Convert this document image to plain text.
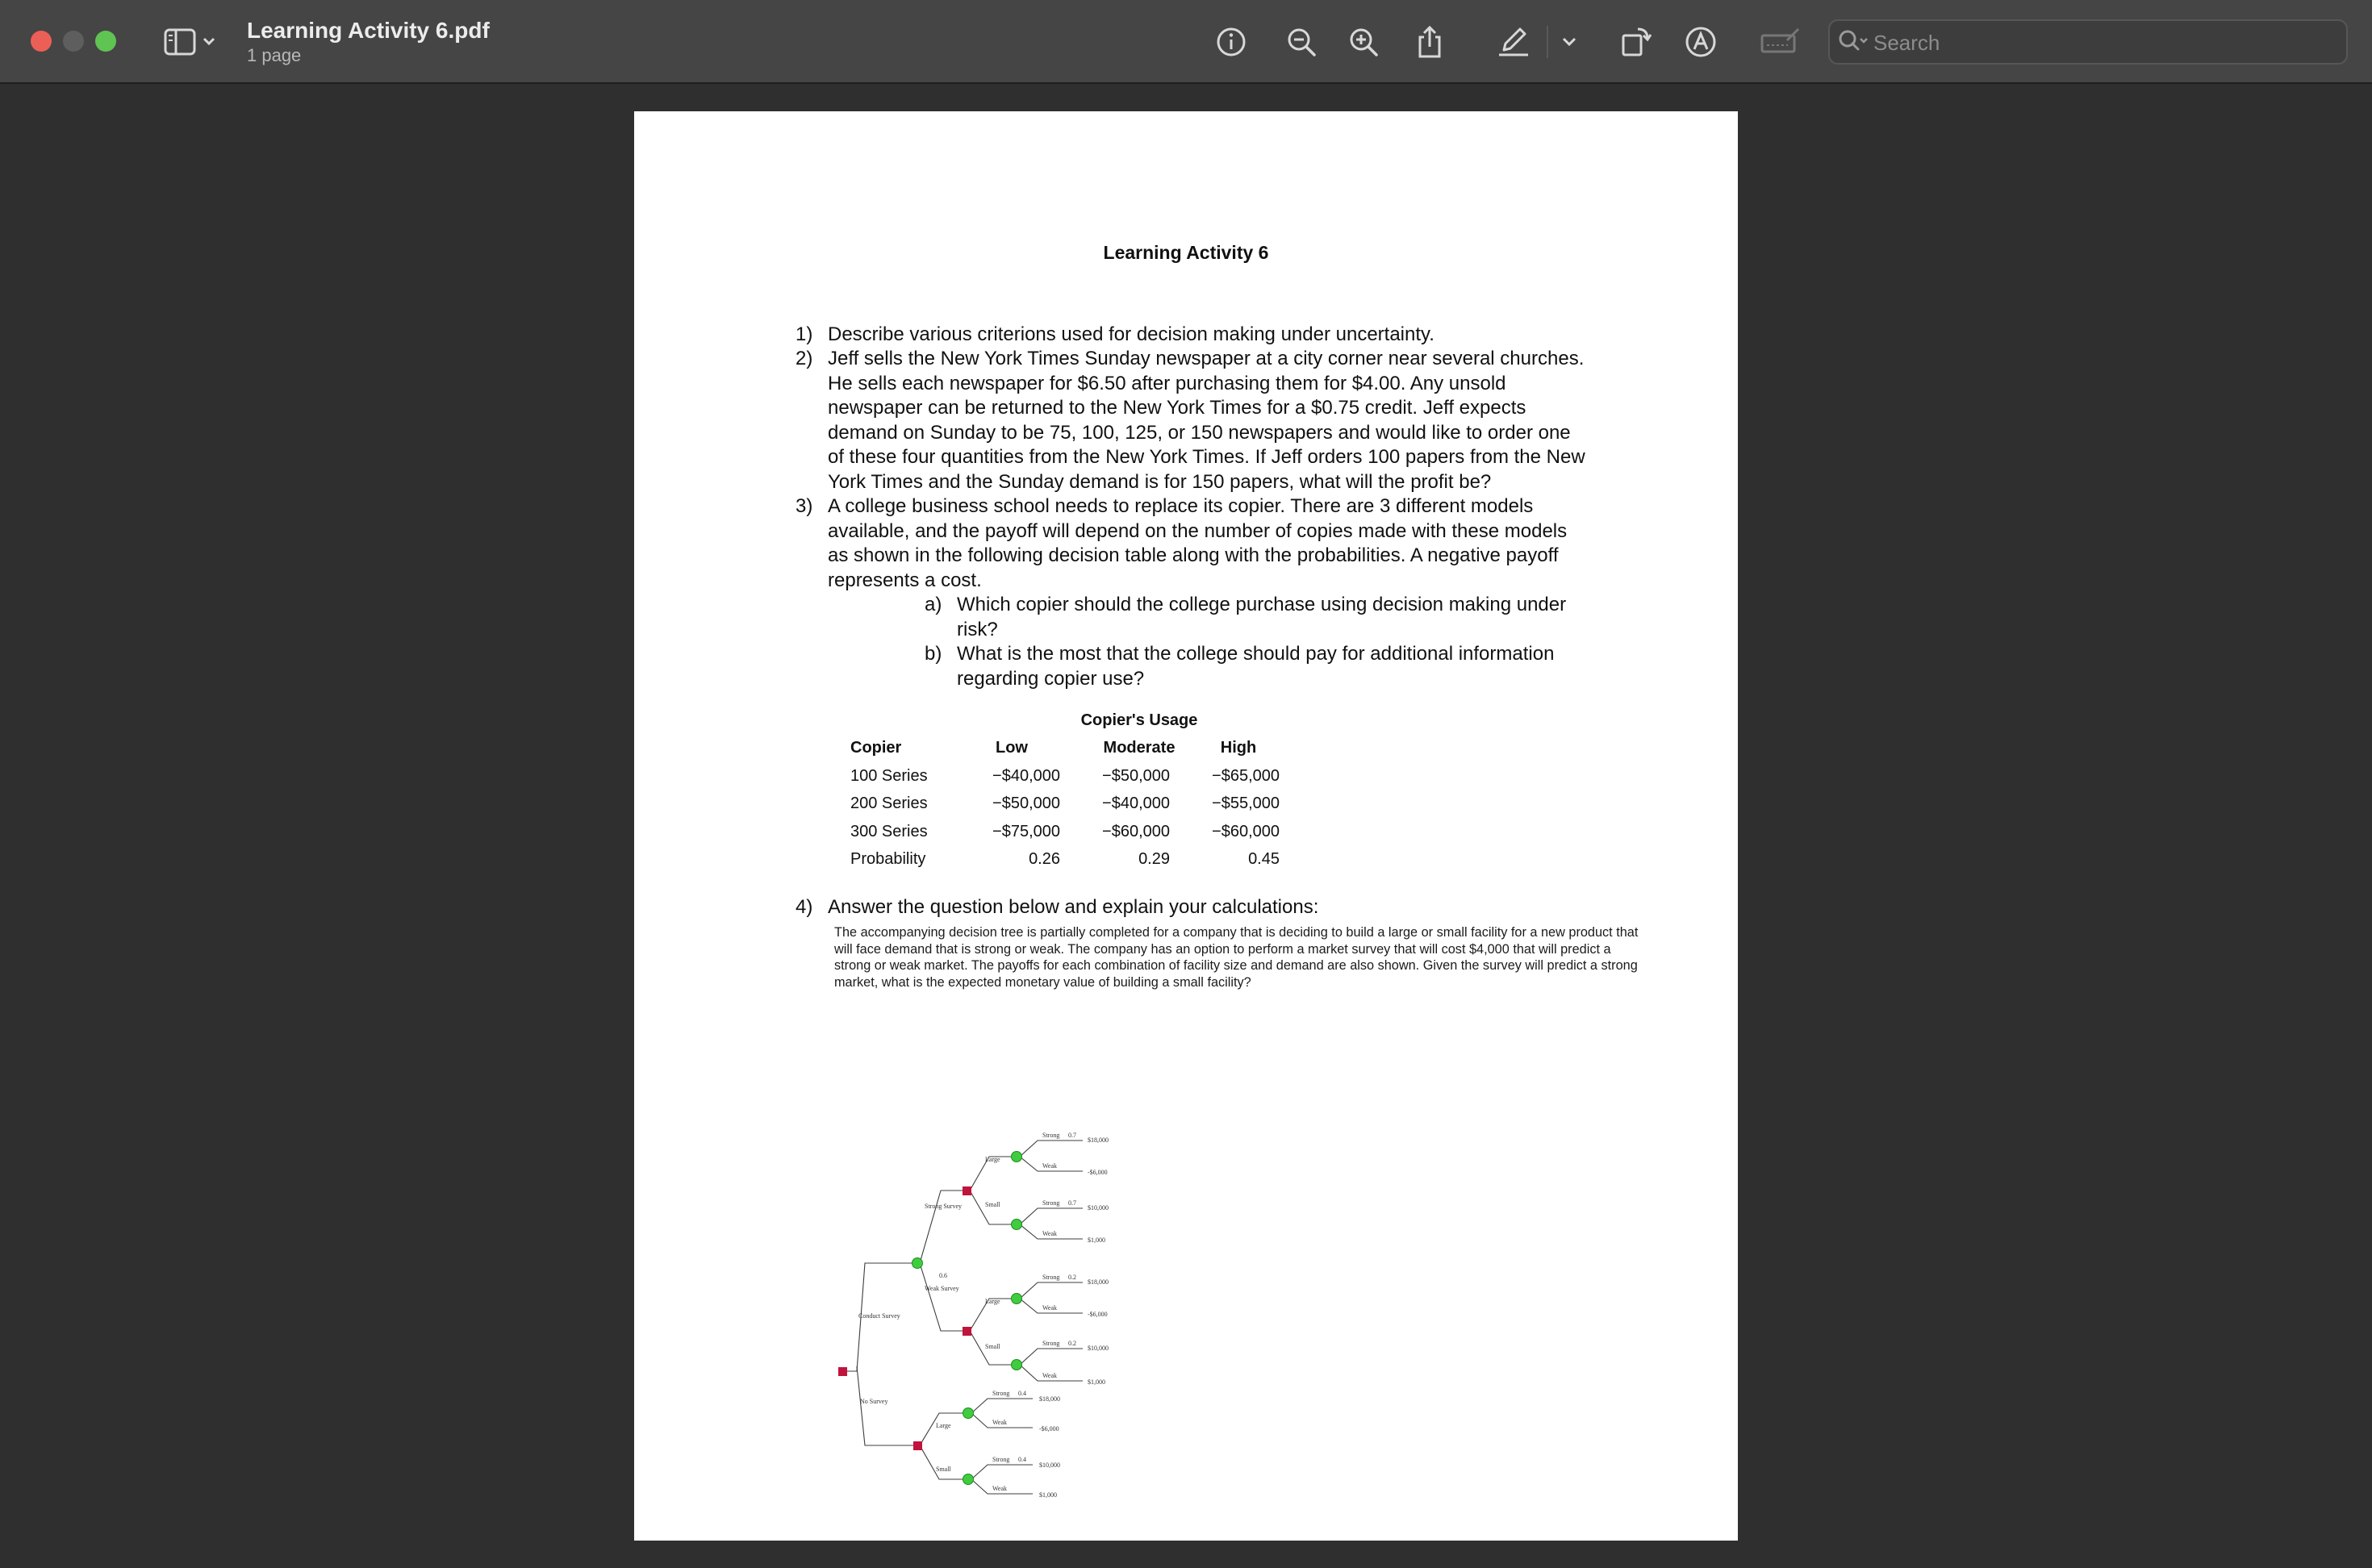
Learning Activity 6.pdf
1 page
Search
Learning Activity 6
1) Describe various criterions used for decision making under uncertainty.
2) Jeff sells the New York Times Sunday newspaper at a city corner near several churches.
He sells each newspaper for $6.50 after purchasing them for $4.00. Any unsold
newspaper can be returned to the New York Times for a $0.75 credit. Jeff expects
demand on Sunday to be 75, 100, 125, or 150 newspapers and would like to order one
of these four quantities from the New York Times. If Jeff orders 100 papers from the New
York Times and the Sunday demand is for 150 papers, what will the profit be?
3) A college business school needs to replace its copier. There are 3 different models
available, and the payoff will depend on the number of copies made with these models
as shown in the following decision table along with the probabilities. A negative payoff
represents a cost.
a) Which copier should the college purchase using decision making under
risk?
b) What is the most that the college should pay for additional information
regarding copier use?
Copier's Usage
Copier	Low	Moderate	High
100 Series	−$40,000	−$50,000	−$65,000
200 Series	−$50,000	−$40,000	−$55,000
300 Series	−$75,000	−$60,000	−$60,000
Probability	0.26	0.29	0.45
4) Answer the question below and explain your calculations:
The accompanying decision tree is partially completed for a company that is deciding to build a large or small facility for a new product that will face demand that is strong or weak. The company has an option to perform a market survey that will cost $4,000 that will predict a strong or weak market. The payoffs for each combination of facility size and demand are also shown. Given the survey will predict a strong market, what is the expected monetary value of building a small facility?
Conduct Survey
No Survey
Strong Survey
Weak Survey
0.6
Large
Small
Large
Small
Large
Small
Strong 0.7
$18,000
Weak
-$6,000
Strong 0.7
$10,000
Weak
$1,000
Strong 0.2
$18,000
Weak
-$6,000
Strong 0.2
$10,000
Weak
$1,000
Strong 0.4
$18,000
Weak
-$6,000
Strong 0.4
$10,000
Weak
$1,000
